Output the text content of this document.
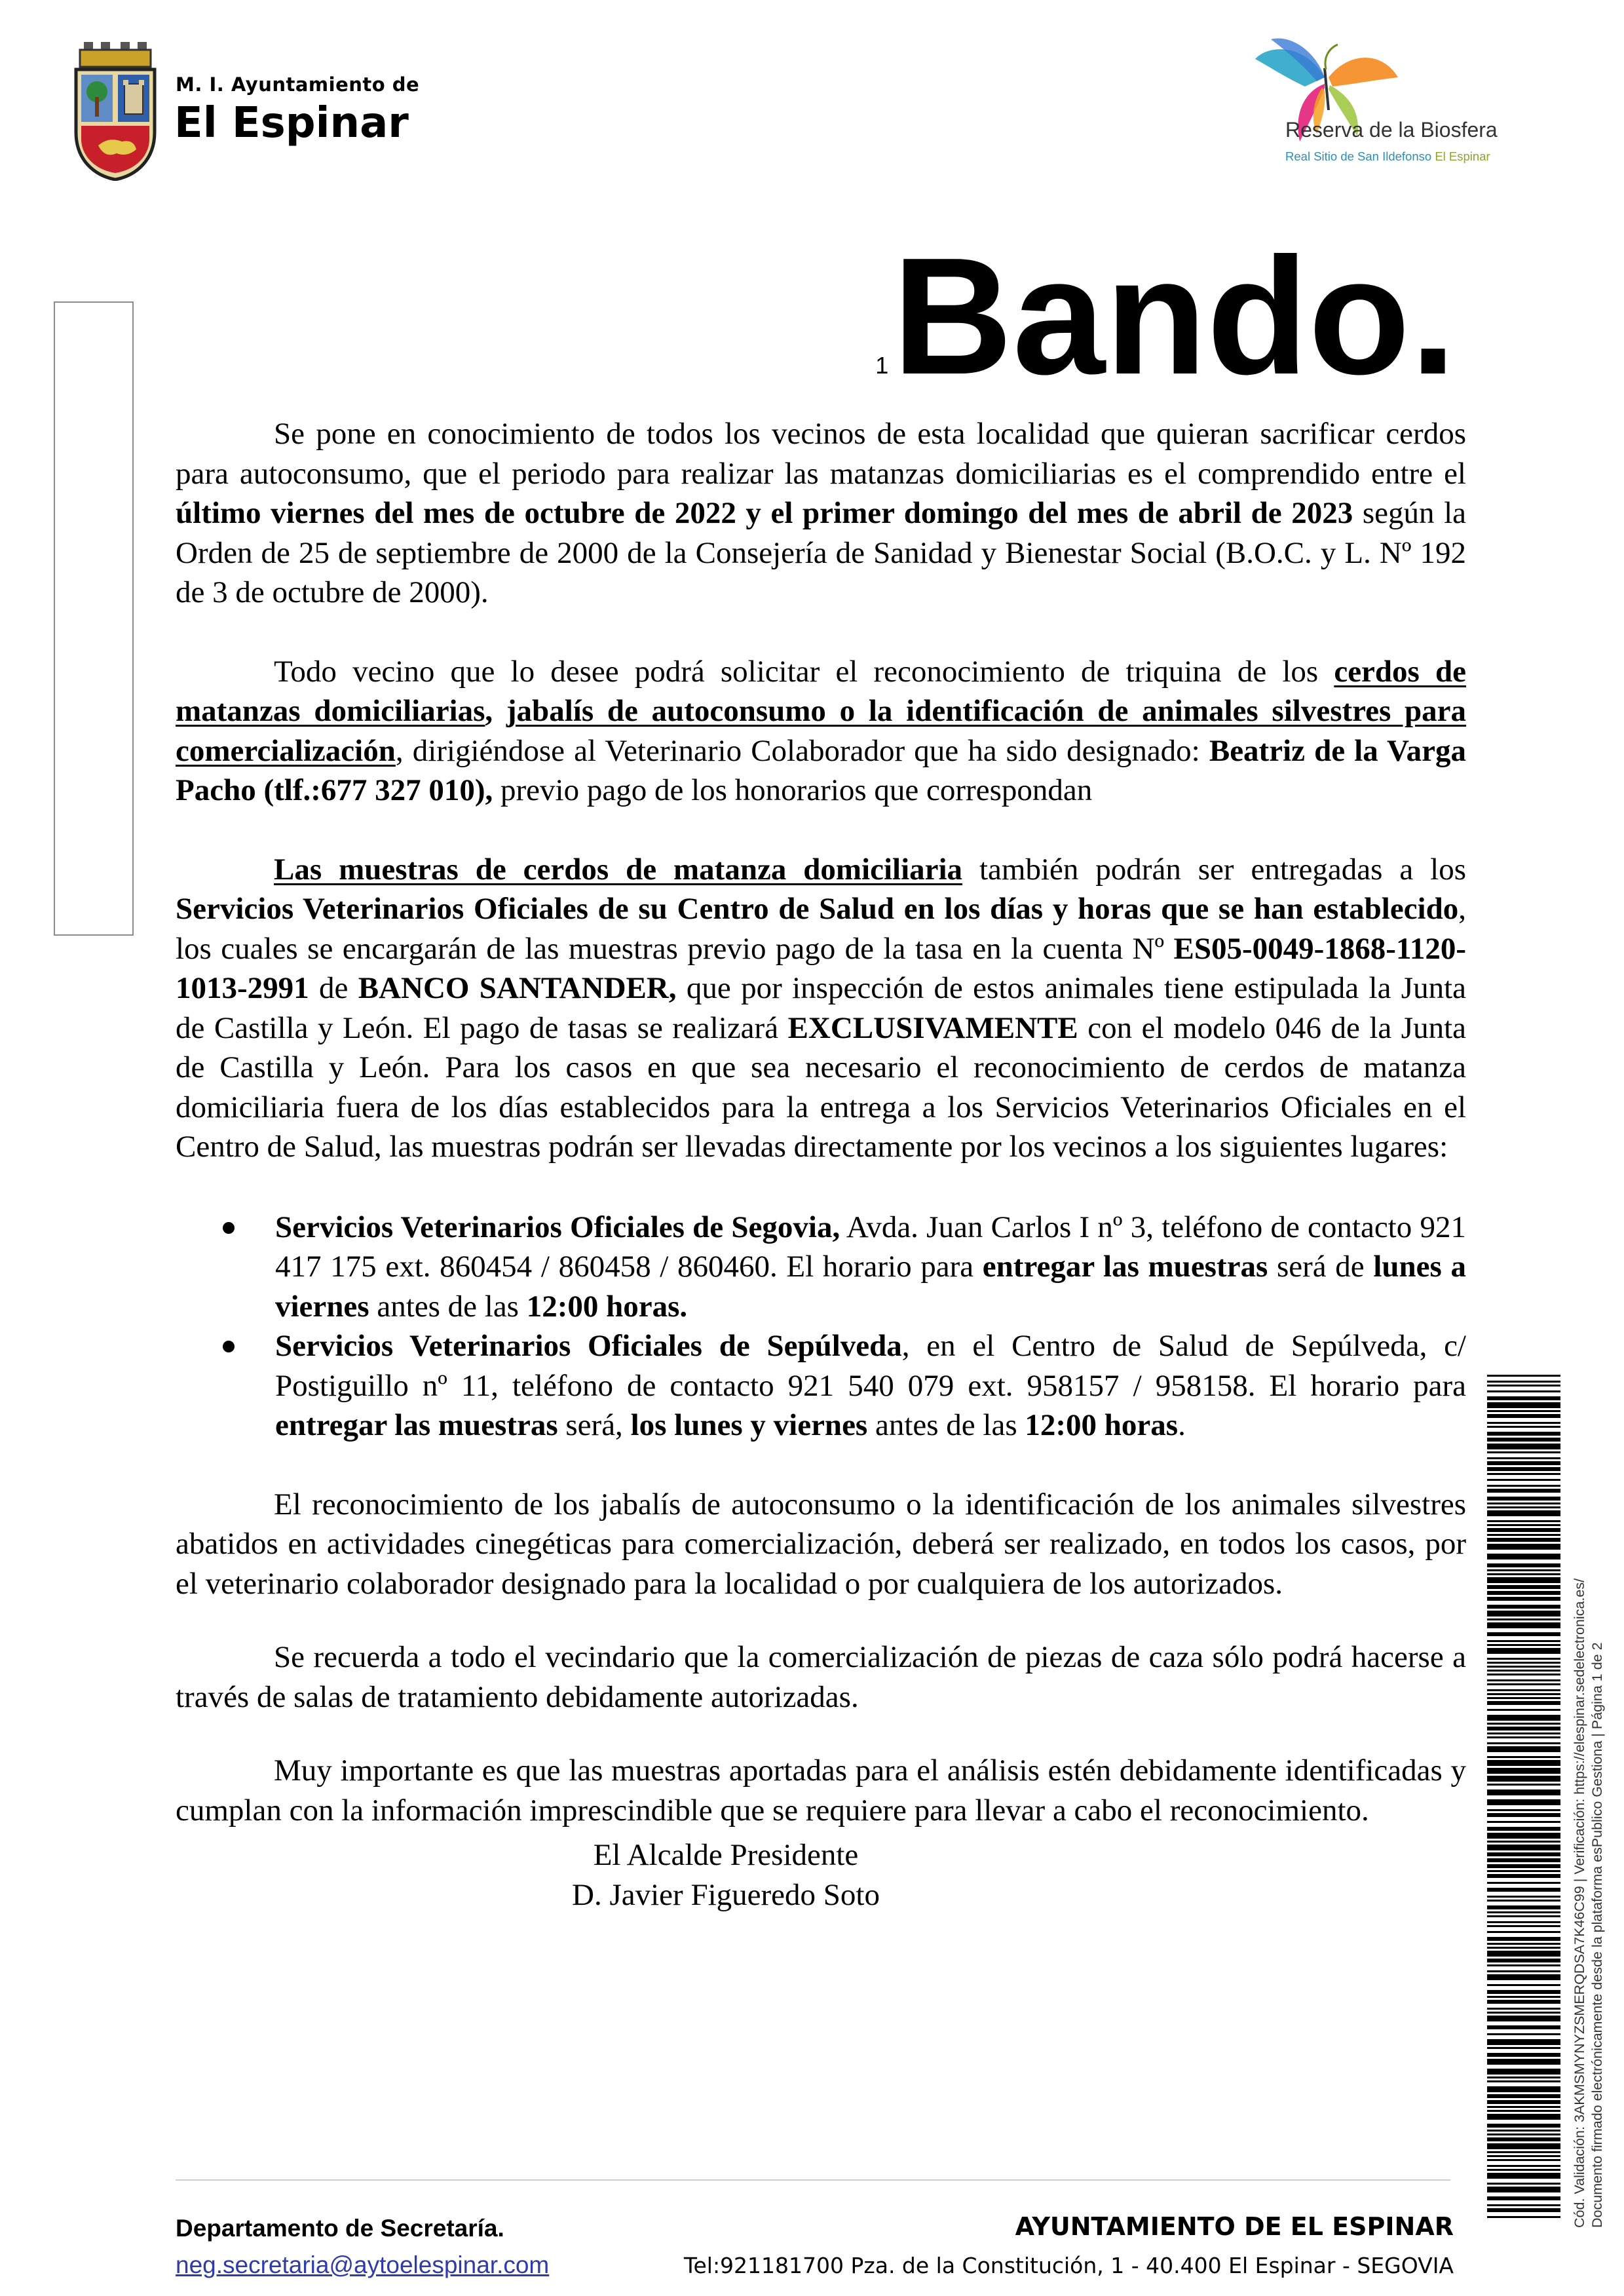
M. I. Ayuntamiento de
El Espinar	Reserva de la Biosfera
Real Sitio de San Ildefonso El Espinar
1Bando.

Se pone en conocimiento de todos los vecinos de esta localidad que quieran sacrificar cerdos para autoconsumo, que el periodo para realizar las matanzas domiciliarias es el comprendido entre el último viernes del mes de octubre de 2022 y el primer domingo del mes de abril de 2023 según la Orden de 25 de septiembre de 2000 de la Consejería de Sanidad y Bienestar Social (B.O.C. y L. Nº 192 de 3 de octubre de 2000).

Todo vecino que lo desee podrá solicitar el reconocimiento de triquina de los cerdos de matanzas domiciliarias, jabalís de autoconsumo o la identificación de animales silvestres para comercialización, dirigiéndose al Veterinario Colaborador que ha sido designado: Beatriz de la Varga Pacho (tlf.:677 327 010), previo pago de los honorarios que correspondan

Las muestras de cerdos de matanza domiciliaria también podrán ser entregadas a los Servicios Veterinarios Oficiales de su Centro de Salud en los días y horas que se han establecido, los cuales se encargarán de las muestras previo pago de la tasa en la cuenta Nº ES05-0049-1868-1120-1013-2991 de BANCO SANTANDER, que por inspección de estos animales tiene estipulada la Junta de Castilla y León. El pago de tasas se realizará EXCLUSIVAMENTE con el modelo 046 de la Junta de Castilla y León. Para los casos en que sea necesario el reconocimiento de cerdos de matanza domiciliaria fuera de los días establecidos para la entrega a los Servicios Veterinarios Oficiales en el Centro de Salud, las muestras podrán ser llevadas directamente por los vecinos a los siguientes lugares:

Servicios Veterinarios Oficiales de Segovia, Avda. Juan Carlos I nº 3, teléfono de contacto 921 417 175 ext. 860454 / 860458 / 860460. El horario para entregar las muestras será de lunes a viernes antes de las 12:00 horas.
Servicios Veterinarios Oficiales de Sepúlveda, en el Centro de Salud de Sepúlveda, c/ Postiguillo nº 11, teléfono de contacto 921 540 079 ext. 958157 / 958158. El horario para entregar las muestras será, los lunes y viernes antes de las 12:00 horas.

El reconocimiento de los jabalís de autoconsumo o la identificación de los animales silvestres abatidos en actividades cinegéticas para comercialización, deberá ser realizado, en todos los casos, por el veterinario colaborador designado para la localidad o por cualquiera de los autorizados.

Se recuerda a todo el vecindario que la comercialización de piezas de caza sólo podrá hacerse a través de salas de tratamiento debidamente autorizadas.

Muy importante es que las muestras aportadas para el análisis estén debidamente identificadas y cumplan con la información imprescindible que se requiere para llevar a cabo el reconocimiento.

El Alcalde Presidente
D. Javier Figueredo Soto
Departamento de Secretaría.
neg.secretaria@aytoelespinar.com
AYUNTAMIENTO DE EL ESPINAR
Tel:921181700 Pza. de la Constitución, 1 - 40.400 El Espinar - SEGOVIA
Cód. Validación: 3AKMSMYNYZSMERQDSA7K46C99 | Verificación: https://elespinar.sedelectronica.es/ Documento firmado electrónicamente desde la plataforma esPublico Gestiona | Página 1 de 2
